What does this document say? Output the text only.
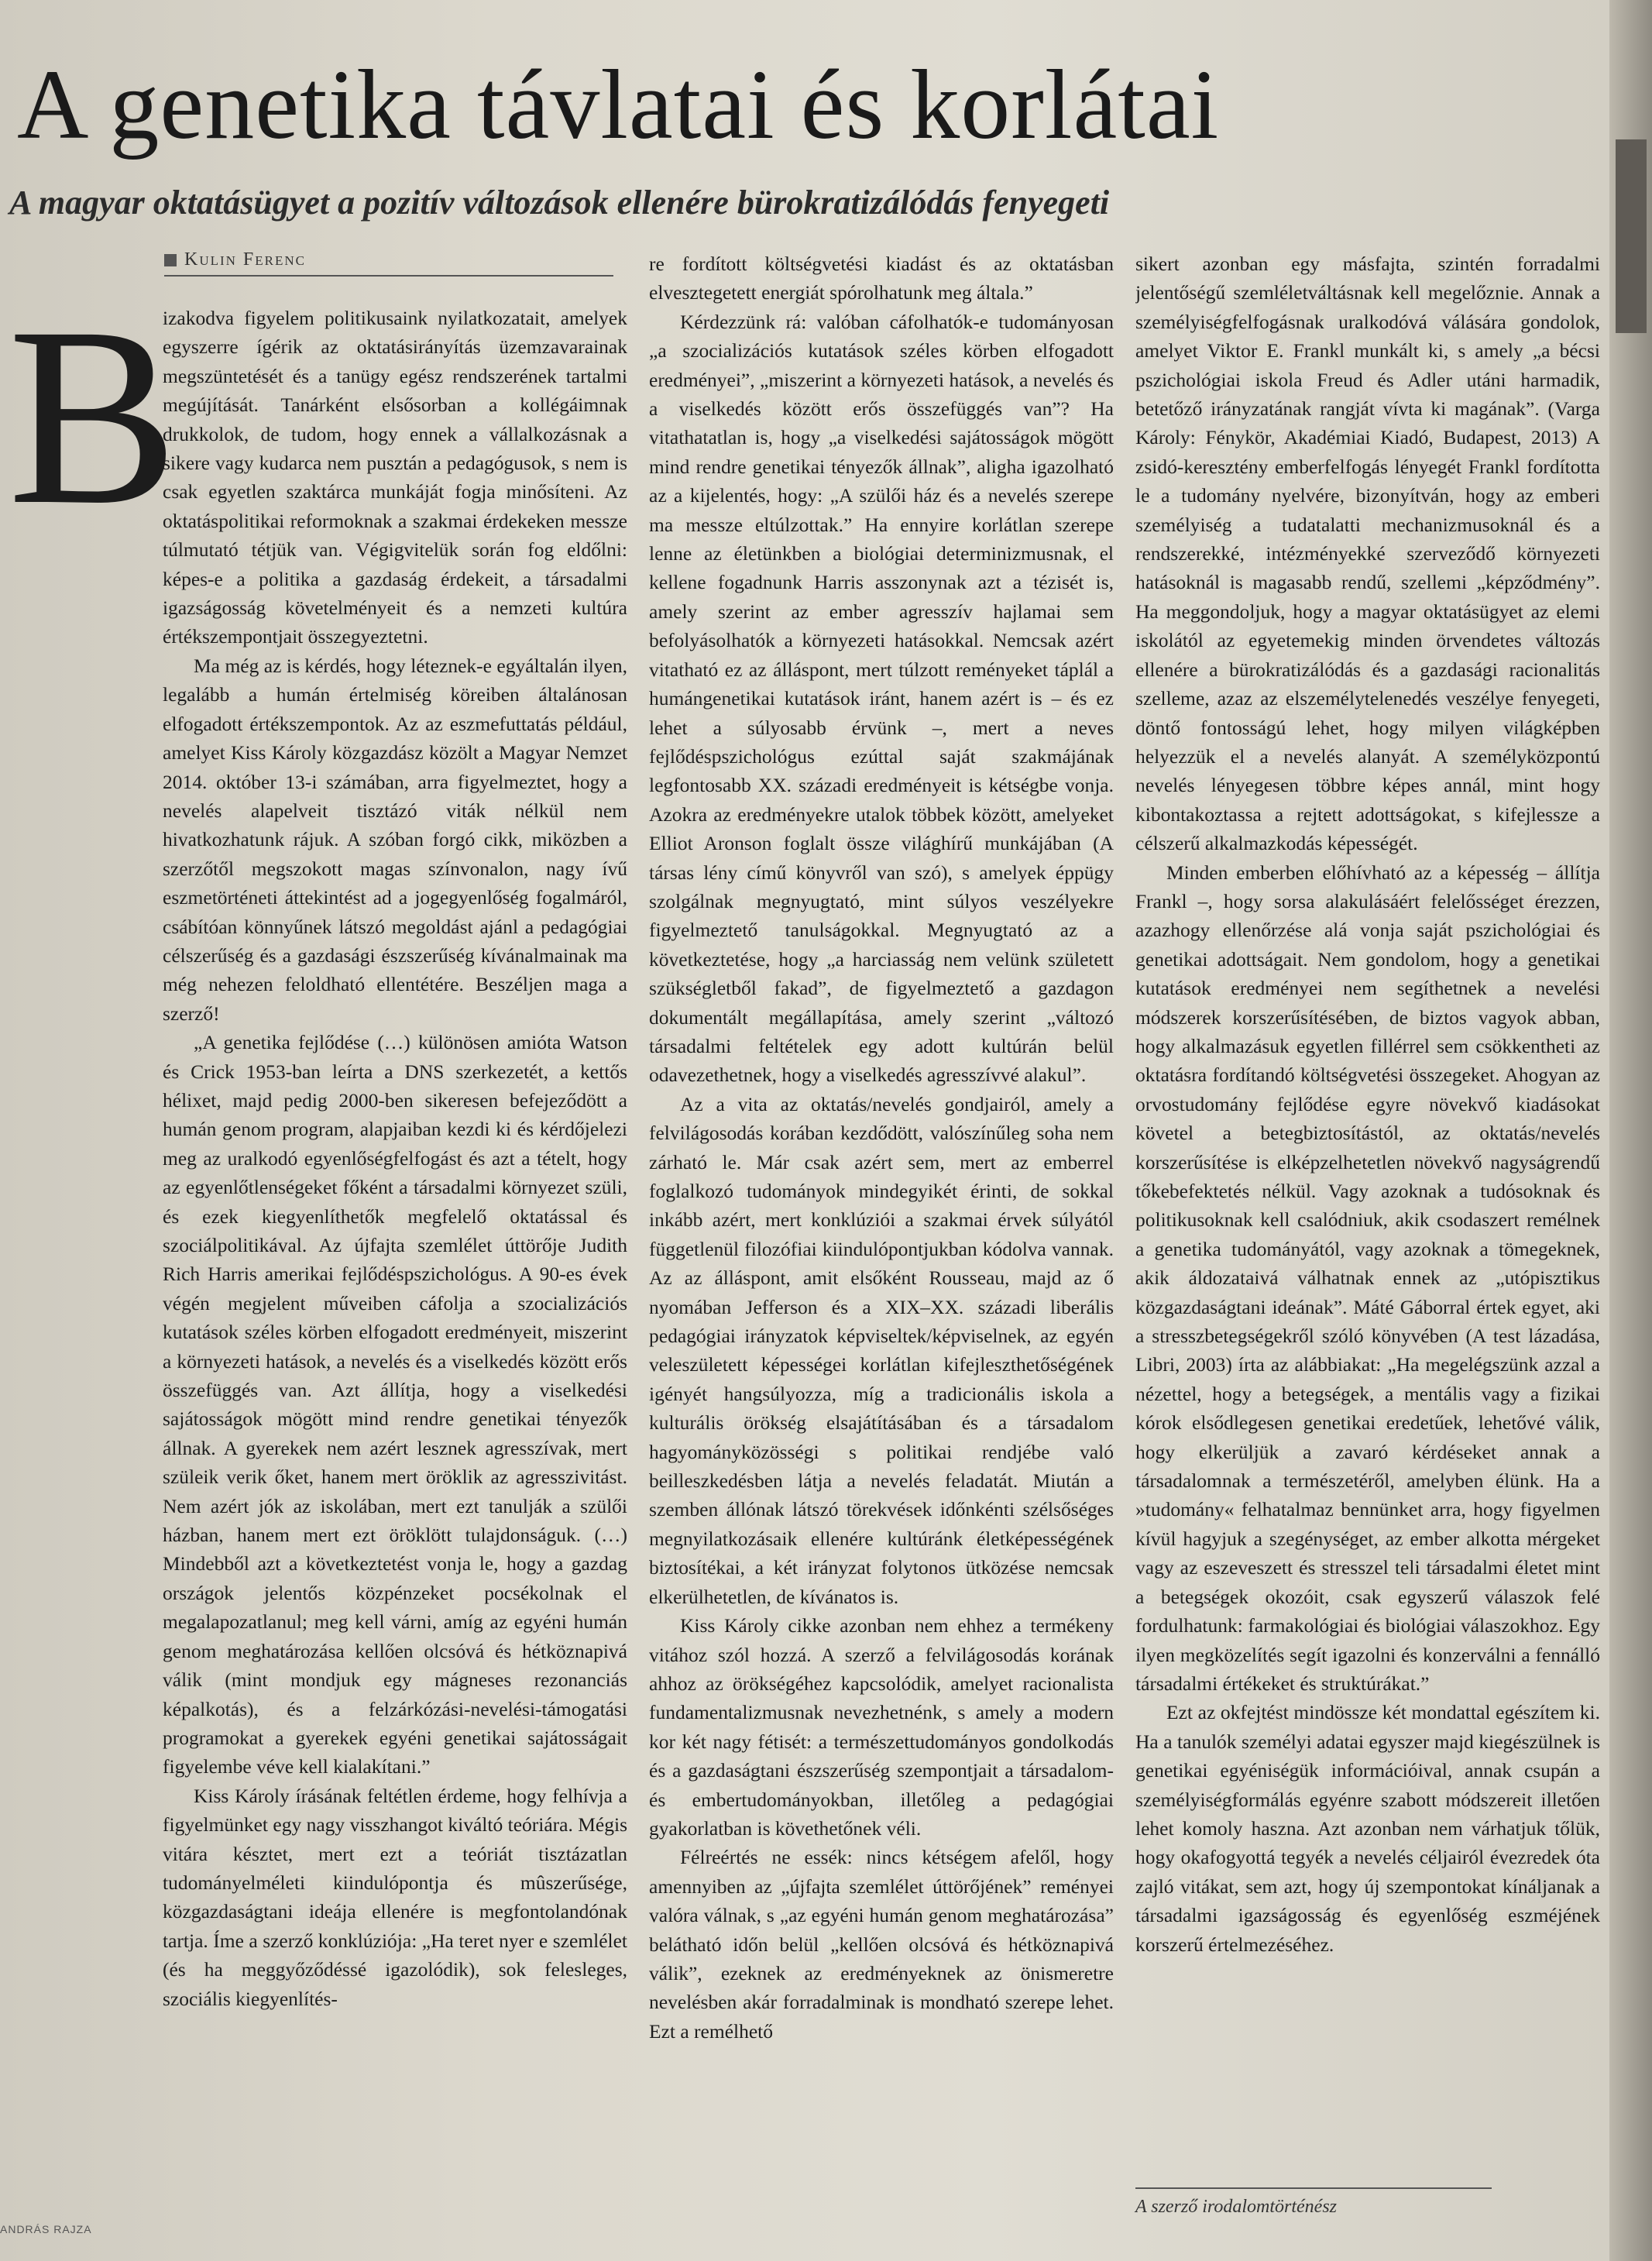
A genetika távlatai és korlátai
A magyar oktatásügyet a pozitív változások ellenére bürokratizálódás fenyegeti
Kulin Ferenc
B

izakodva figyelem politikusaink nyilatkozatait, amelyek egyszerre ígérik az oktatásirányítás üzemzavarainak megszüntetését és a tanügy egész rendszerének tartalmi megújítását. Tanárként elsősorban a kollégáimnak drukkolok, de tudom, hogy ennek a vállalkozásnak a sikere vagy kudarca nem pusztán a pedagógusok, s nem is csak egyetlen szaktárca munkáját fogja minősíteni. Az oktatáspolitikai reformoknak a szakmai érdekeken messze túlmutató tétjük van. Végigvitelük során fog eldőlni: képes-e a politika a gazdaság érdekeit, a társadalmi igazságosság követelményeit és a nemzeti kultúra értékszempontjait összegyeztetni.

Ma még az is kérdés, hogy léteznek-e egyáltalán ilyen, legalább a humán értelmiség köreiben általánosan elfogadott értékszempontok. Az az eszmefuttatás például, amelyet Kiss Károly közgazdász közölt a Magyar Nemzet 2014. október 13-i számában, arra figyelmeztet, hogy a nevelés alapelveit tisztázó viták nélkül nem hivatkozhatunk rájuk. A szóban forgó cikk, miközben a szerzőtől megszokott magas színvonalon, nagy ívű eszmetörténeti áttekintést ad a jogegyenlőség fogalmáról, csábítóan könnyűnek látszó megoldást ajánl a pedagógiai célszerűség és a gazdasági észszerűség kívánalmainak ma még nehezen feloldható ellentétére. Beszéljen maga a szerző!

„A genetika fejlődése (…) különösen amióta Watson és Crick 1953-ban leírta a DNS szerkezetét, a kettős hélixet, majd pedig 2000-ben sikeresen befejeződött a humán genom program, alapjaiban kezdi ki és kérdőjelezi meg az uralkodó egyenlőségfelfogást és azt a tételt, hogy az egyenlőtlenségeket főként a társadalmi környezet szüli, és ezek kiegyenlíthetők megfelelő oktatással és szociálpolitikával. Az újfajta szemlélet úttörője Judith Rich Harris amerikai fejlődéspszichológus. A 90-es évek végén megjelent műveiben cáfolja a szocializációs kutatások széles körben elfogadott eredményeit, miszerint a környezeti hatások, a nevelés és a viselkedés között erős összefüggés van. Azt állítja, hogy a viselkedési sajátosságok mögött mind rendre genetikai tényezők állnak. A gyerekek nem azért lesznek agresszívak, mert szüleik verik őket, hanem mert öröklik az agresszivitást. Nem azért jók az iskolában, mert ezt tanulják a szülői házban, hanem mert ezt öröklött tulajdonságuk. (…) Mindebből azt a következtetést vonja le, hogy a gazdag országok jelentős közpénzeket pocsékolnak el megalapozatlanul; meg kell várni, amíg az egyéni humán genom meghatározása kellően olcsóvá és hétköznapivá válik (mint mondjuk egy mágneses rezonanciás képalkotás), és a felzárkózási-nevelési-támogatási programokat a gyerekek egyéni genetikai sajátosságait figyelembe véve kell kialakítani.”

Kiss Károly írásának feltétlen érdeme, hogy felhívja a figyelmünket egy nagy visszhangot kiváltó teóriára. Mégis vitára késztet, mert ezt a teóriát tisztázatlan tudományelméleti kiindulópontja és mûszerűsége, közgazdaságtani ideája ellenére is megfontolandónak tartja. Íme a szerző konklúziója: „Ha teret nyer e szemlélet (és ha meggyőződéssé igazolódik), sok felesleges, szociális kiegyenlítés-

re fordított költségvetési kiadást és az oktatásban elvesztegetett energiát spórolhatunk meg általa.”

Kérdezzünk rá: valóban cáfolhatók-e tudományosan „a szocializációs kutatások széles körben elfogadott eredményei”, „miszerint a környezeti hatások, a nevelés és a viselkedés között erős összefüggés van”? Ha vitathatatlan is, hogy „a viselkedési sajátosságok mögött mind rendre genetikai tényezők állnak”, aligha igazolható az a kijelentés, hogy: „A szülői ház és a nevelés szerepe ma messze eltúlzottak.” Ha ennyire korlátlan szerepe lenne az életünkben a biológiai determinizmusnak, el kellene fogadnunk Harris asszonynak azt a tézisét is, amely szerint az ember agresszív hajlamai sem befolyásolhatók a környezeti hatásokkal. Nemcsak azért vitatható ez az álláspont, mert túlzott reményeket táplál a humángenetikai kutatások iránt, hanem azért is – és ez lehet a súlyosabb érvünk –, mert a neves fejlődéspszichológus ezúttal saját szakmájának legfontosabb XX. századi eredményeit is kétségbe vonja. Azokra az eredményekre utalok többek között, amelyeket Elliot Aronson foglalt össze világhírű munkájában (A társas lény című könyvről van szó), s amelyek éppügy szolgálnak megnyugtató, mint súlyos veszélyekre figyelmeztető tanulságokkal. Megnyugtató az a következtetése, hogy „a harciasság nem velünk született szükségletből fakad”, de figyelmeztető a gazdagon dokumentált megállapítása, amely szerint „változó társadalmi feltételek egy adott kultúrán belül odavezethetnek, hogy a viselkedés agresszívvé alakul”.

Az a vita az oktatás/nevelés gondjairól, amely a felvilágosodás korában kezdődött, valószínűleg soha nem zárható le. Már csak azért sem, mert az emberrel foglalkozó tudományok mindegyikét érinti, de sokkal inkább azért, mert konklúziói a szakmai érvek súlyától függetlenül filozófiai kiindulópontjukban kódolva vannak. Az az álláspont, amit elsőként Rousseau, majd az ő nyomában Jefferson és a XIX–XX. századi liberális pedagógiai irányzatok képviseltek/képviselnek, az egyén veleszületett képességei korlátlan kifejleszthetőségének igényét hangsúlyozza, míg a tradicionális iskola a kulturális örökség elsajátításában és a társadalom hagyományközösségi s politikai rendjébe való beilleszkedésben látja a nevelés feladatát. Miután a szemben állónak látszó törekvések időnkénti szélsőséges megnyilatkozásaik ellenére kultúránk életképességének biztosítékai, a két irányzat folytonos ütközése nemcsak elkerülhetetlen, de kívánatos is.

Kiss Károly cikke azonban nem ehhez a termékeny vitához szól hozzá. A szerző a felvilágosodás korának ahhoz az örökségéhez kapcsolódik, amelyet racionalista fundamentalizmusnak nevezhetnénk, s amely a modern kor két nagy fétisét: a természettudományos gondolkodás és a gazdaságtani észszerűség szempontjait a társadalom- és embertudományokban, illetőleg a pedagógiai gyakorlatban is követhetőnek véli.

Félreértés ne essék: nincs kétségem afelől, hogy amennyiben az „újfajta szemlélet úttörőjének” reményei valóra válnak, s „az egyéni humán genom meghatározása” belátható időn belül „kellően olcsóvá és hétköznapivá válik”, ezeknek az eredményeknek az önismeretre nevelésben akár forradalminak is mondható szerepe lehet. Ezt a remélhető

sikert azonban egy másfajta, szintén forradalmi jelentőségű szemléletváltásnak kell megelőznie. Annak a személyiségfelfogásnak uralkodóvá válására gondolok, amelyet Viktor E. Frankl munkált ki, s amely „a bécsi pszichológiai iskola Freud és Adler utáni harmadik, betetőző irányzatának rangját vívta ki magának”. (Varga Károly: Fénykör, Akadémiai Kiadó, Budapest, 2013) A zsidó-keresztény emberfelfogás lényegét Frankl fordította le a tudomány nyelvére, bizonyítván, hogy az emberi személyiség a tudatalatti mechanizmusoknál és a rendszerekké, intézményekké szerveződő környezeti hatásoknál is magasabb rendű, szellemi „képződmény”. Ha meggondoljuk, hogy a magyar oktatásügyet az elemi iskolától az egyetemekig minden örvendetes változás ellenére a bürokratizálódás és a gazdasági racionalitás szelleme, azaz az elszemélytelenedés veszélye fenyegeti, döntő fontosságú lehet, hogy milyen világképben helyezzük el a nevelés alanyát. A személyközpontú nevelés lényegesen többre képes annál, mint hogy kibontakoztassa a rejtett adottságokat, s kifejlessze a célszerű alkalmazkodás képességét.

Minden emberben előhívható az a képesség – állítja Frankl –, hogy sorsa alakulásáért felelősséget érezzen, azazhogy ellenőrzése alá vonja saját pszichológiai és genetikai adottságait. Nem gondolom, hogy a genetikai kutatások eredményei nem segíthetnek a nevelési módszerek korszerűsítésében, de biztos vagyok abban, hogy alkalmazásuk egyetlen fillérrel sem csökkentheti az oktatásra fordítandó költségvetési összegeket. Ahogyan az orvostudomány fejlődése egyre növekvő kiadásokat követel a betegbiztosítástól, az oktatás/nevelés korszerűsítése is elképzelhetetlen növekvő nagyságrendű tőkebefektetés nélkül. Vagy azoknak a tudósoknak és politikusoknak kell csalódniuk, akik csodaszert remélnek a genetika tudományától, vagy azoknak a tömegeknek, akik áldozataivá válhatnak ennek az „utópisztikus közgazdaságtani ideának”. Máté Gáborral értek egyet, aki a stresszbetegségekről szóló könyvében (A test lázadása, Libri, 2003) írta az alábbiakat: „Ha megelégszünk azzal a nézettel, hogy a betegségek, a mentális vagy a fizikai kórok elsődlegesen genetikai eredetűek, lehetővé válik, hogy elkerüljük a zavaró kérdéseket annak a társadalomnak a természetéről, amelyben élünk. Ha a »tudomány« felhatalmaz bennünket arra, hogy figyelmen kívül hagyjuk a szegénységet, az ember alkotta mérgeket vagy az eszeveszett és stresszel teli társadalmi életet mint a betegségek okozóit, csak egyszerű válaszok felé fordulhatunk: farmakológiai és biológiai válaszokhoz. Egy ilyen megközelítés segít igazolni és konzerválni a fennálló társadalmi értékeket és struktúrákat.”

Ezt az okfejtést mindössze két mondattal egészítem ki. Ha a tanulók személyi adatai egyszer majd kiegészülnek is genetikai egyéniségük információival, annak csupán a személyiségformálás egyénre szabott módszereit illetően lehet komoly haszna. Azt azonban nem várhatjuk tőlük, hogy okafogyottá tegyék a nevelés céljairól évezredek óta zajló vitákat, sem azt, hogy új szempontokat kínáljanak a társadalmi igazságosság és egyenlőség eszméjének korszerű értelmezéséhez.

A szerző irodalomtörténész
ANDRÁS RAJZA
